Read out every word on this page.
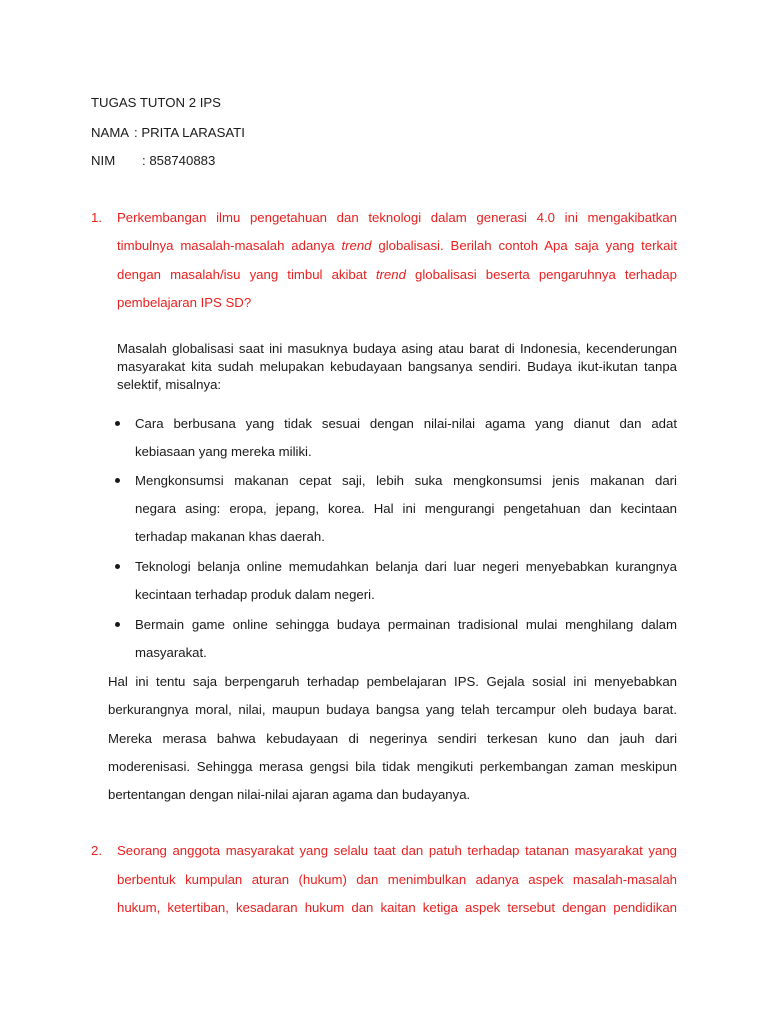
TUGAS TUTON 2 IPS
NAMA : PRITA LARASATI
NIM : 858740883
1. Perkembangan ilmu pengetahuan dan teknologi dalam generasi 4.0 ini mengakibatkan
timbulnya masalah-masalah adanya trend globalisasi. Berilah contoh Apa saja yang terkait
dengan masalah/isu yang timbul akibat trend globalisasi beserta pengaruhnya terhadap
pembelajaran IPS SD?
Masalah globalisasi saat ini masuknya budaya asing atau barat di Indonesia, kecenderungan
masyarakat kita sudah melupakan kebudayaan bangsanya sendiri. Budaya ikut-ikutan tanpa
selektif, misalnya:
Cara berbusana yang tidak sesuai dengan nilai-nilai agama yang dianut dan adat
kebiasaan yang mereka miliki.
Mengkonsumsi makanan cepat saji, lebih suka mengkonsumsi jenis makanan dari
negara asing: eropa, jepang, korea. Hal ini mengurangi pengetahuan dan kecintaan
terhadap makanan khas daerah.
Teknologi belanja online memudahkan belanja dari luar negeri menyebabkan kurangnya
kecintaan terhadap produk dalam negeri.
Bermain game online sehingga budaya permainan tradisional mulai menghilang dalam
masyarakat.
Hal ini tentu saja berpengaruh terhadap pembelajaran IPS. Gejala sosial ini menyebabkan
berkurangnya moral, nilai, maupun budaya bangsa yang telah tercampur oleh budaya barat.
Mereka merasa bahwa kebudayaan di negerinya sendiri terkesan kuno dan jauh dari
moderenisasi. Sehingga merasa gengsi bila tidak mengikuti perkembangan zaman meskipun
bertentangan dengan nilai-nilai ajaran agama dan budayanya.
2. Seorang anggota masyarakat yang selalu taat dan patuh terhadap tatanan masyarakat yang
berbentuk kumpulan aturan (hukum) dan menimbulkan adanya aspek masalah-masalah
hukum, ketertiban, kesadaran hukum dan kaitan ketiga aspek tersebut dengan pendidikan
